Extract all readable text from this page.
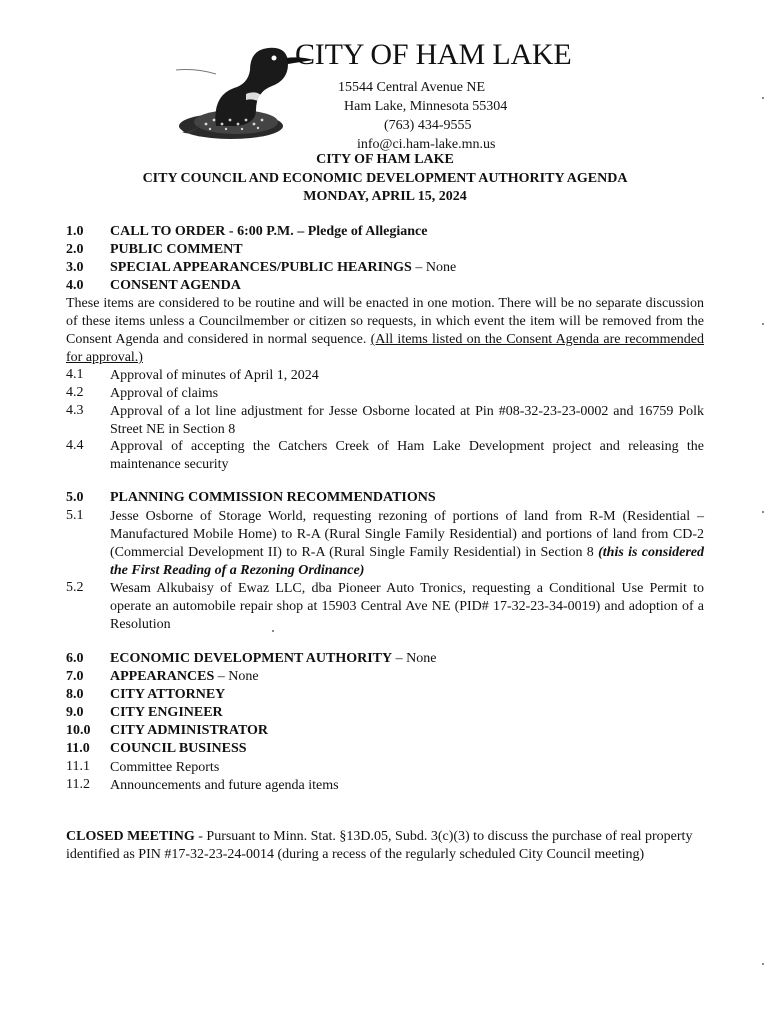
CITY OF HAM LAKE
15544 Central Avenue NE
Ham Lake, Minnesota 55304
(763) 434-9555
info@ci.ham-lake.mn.us
CITY OF HAM LAKE
CITY COUNCIL AND ECONOMIC DEVELOPMENT AUTHORITY AGENDA
MONDAY, APRIL 15, 2024
1.0 CALL TO ORDER - 6:00 P.M. – Pledge of Allegiance
2.0 PUBLIC COMMENT
3.0 SPECIAL APPEARANCES/PUBLIC HEARINGS – None
4.0 CONSENT AGENDA
These items are considered to be routine and will be enacted in one motion. There will be no separate discussion of these items unless a Councilmember or citizen so requests, in which event the item will be removed from the Consent Agenda and considered in normal sequence. (All items listed on the Consent Agenda are recommended for approval.)
4.1 Approval of minutes of April 1, 2024
4.2 Approval of claims
4.3 Approval of a lot line adjustment for Jesse Osborne located at Pin #08-32-23-23-0002 and 16759 Polk Street NE in Section 8
4.4 Approval of accepting the Catchers Creek of Ham Lake Development project and releasing the maintenance security
5.0 PLANNING COMMISSION RECOMMENDATIONS
5.1 Jesse Osborne of Storage World, requesting rezoning of portions of land from R-M (Residential – Manufactured Mobile Home) to R-A (Rural Single Family Residential) and portions of land from CD-2 (Commercial Development II) to R-A (Rural Single Family Residential) in Section 8 (this is considered the First Reading of a Rezoning Ordinance)
5.2 Wesam Alkubaisy of Ewaz LLC, dba Pioneer Auto Tronics, requesting a Conditional Use Permit to operate an automobile repair shop at 15903 Central Ave NE (PID# 17-32-23-34-0019) and adoption of a Resolution
6.0 ECONOMIC DEVELOPMENT AUTHORITY – None
7.0 APPEARANCES – None
8.0 CITY ATTORNEY
9.0 CITY ENGINEER
10.0 CITY ADMINISTRATOR
11.0 COUNCIL BUSINESS
11.1 Committee Reports
11.2 Announcements and future agenda items
CLOSED MEETING - Pursuant to Minn. Stat. §13D.05, Subd. 3(c)(3) to discuss the purchase of real property identified as PIN #17-32-23-24-0014 (during a recess of the regularly scheduled City Council meeting)
